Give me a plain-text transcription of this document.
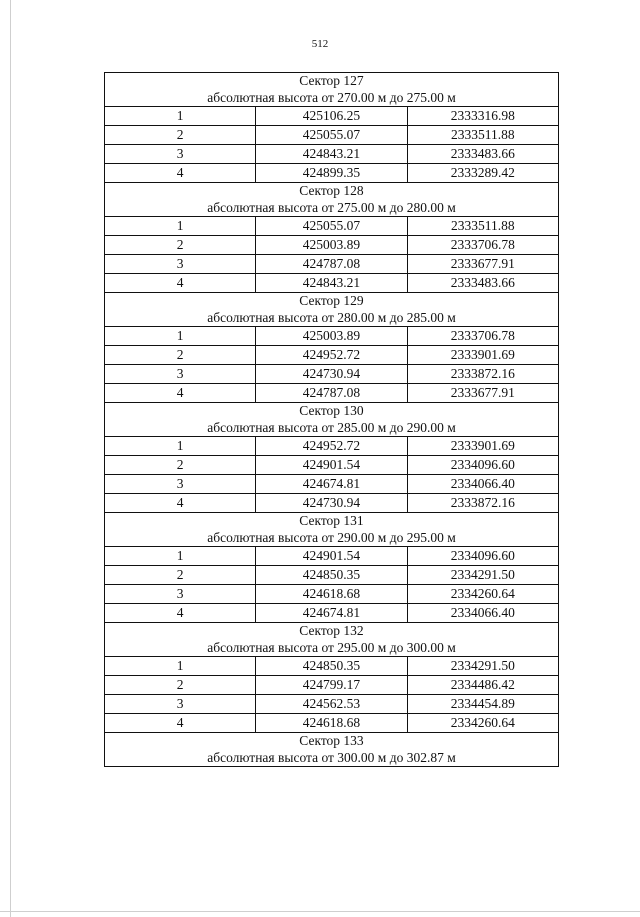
512
Сектор 127
абсолютная высота от 270.00 м до 275.00 м		

1	425106.25	2333316.98
2	425055.07	2333511.88
3	424843.21	2333483.66
4	424899.35	2333289.42

Сектор 128
абсолютная высота от 275.00 м до 280.00 м		

1	425055.07	2333511.88
2	425003.89	2333706.78
3	424787.08	2333677.91
4	424843.21	2333483.66

Сектор 129
абсолютная высота от 280.00 м до 285.00 м		

1	425003.89	2333706.78
2	424952.72	2333901.69
3	424730.94	2333872.16
4	424787.08	2333677.91

Сектор 130
абсолютная высота от 285.00 м до 290.00 м		

1	424952.72	2333901.69
2	424901.54	2334096.60
3	424674.81	2334066.40
4	424730.94	2333872.16

Сектор 131
абсолютная высота от 290.00 м до 295.00 м		

1	424901.54	2334096.60
2	424850.35	2334291.50
3	424618.68	2334260.64
4	424674.81	2334066.40

Сектор 132
абсолютная высота от 295.00 м до 300.00 м		

1	424850.35	2334291.50
2	424799.17	2334486.42
3	424562.53	2334454.89
4	424618.68	2334260.64

Сектор 133
абсолютная высота от 300.00 м до 302.87 м		
